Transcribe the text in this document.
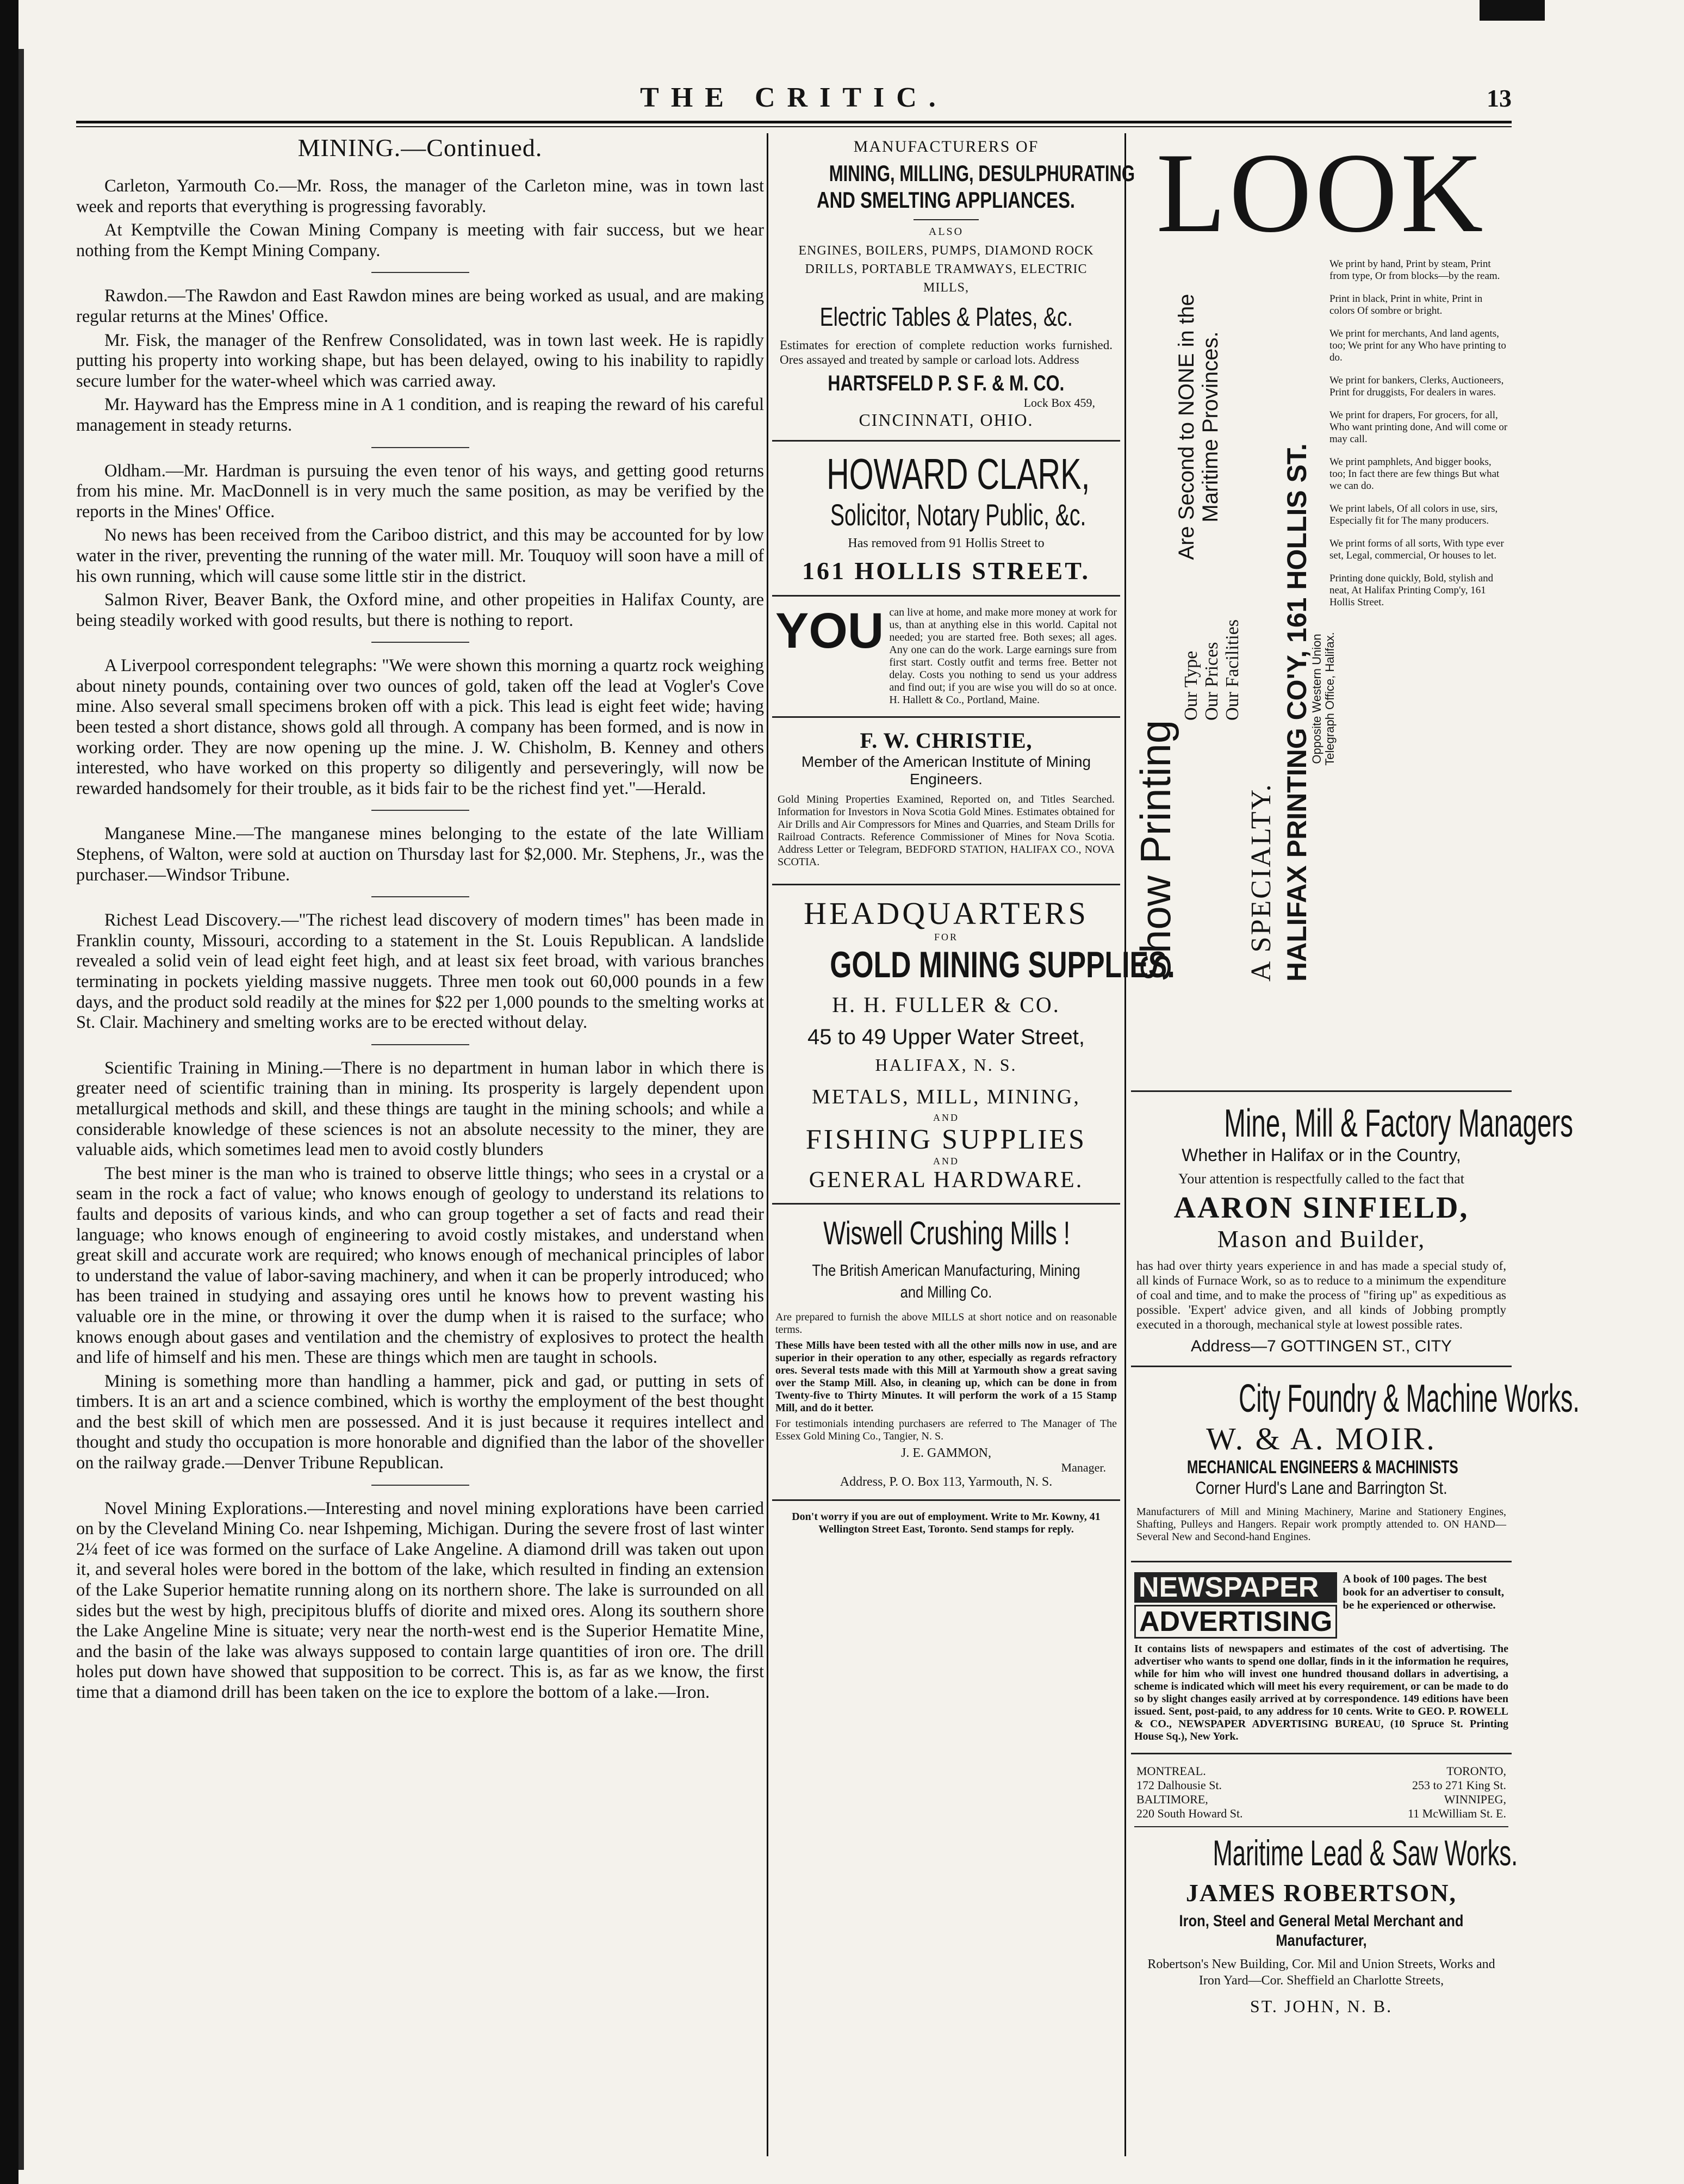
THE CRITIC.	13
MINING.—Continued.

Carleton, Yarmouth Co.—Mr. Ross, the manager of the Carleton mine, was in town last week and reports that everything is progressing favorably.

At Kemptville the Cowan Mining Company is meeting with fair success, but we hear nothing from the Kempt Mining Company.

Rawdon.—The Rawdon and East Rawdon mines are being worked as usual, and are making regular returns at the Mines' Office.

Mr. Fisk, the manager of the Renfrew Consolidated, was in town last week. He is rapidly putting his property into working shape, but has been delayed, owing to his inability to rapidly secure lumber for the water-wheel which was carried away.

Mr. Hayward has the Empress mine in A 1 condition, and is reaping the reward of his careful management in steady returns.

Oldham.—Mr. Hardman is pursuing the even tenor of his ways, and getting good returns from his mine. Mr. MacDonnell is in very much the same position, as may be verified by the reports in the Mines' Office.

No news has been received from the Cariboo district, and this may be accounted for by low water in the river, preventing the running of the water mill. Mr. Touquoy will soon have a mill of his own running, which will cause some little stir in the district.

Salmon River, Beaver Bank, the Oxford mine, and other propeities in Halifax County, are being steadily worked with good results, but there is nothing to report.

A Liverpool correspondent telegraphs: "We were shown this morning a quartz rock weighing about ninety pounds, containing over two ounces of gold, taken off the lead at Vogler's Cove mine. Also several small specimens broken off with a pick. This lead is eight feet wide; having been tested a short distance, shows gold all through. A company has been formed, and is now in working order. They are now opening up the mine. J. W. Chisholm, B. Kenney and others interested, who have worked on this property so diligently and perseveringly, will now be rewarded handsomely for their trouble, as it bids fair to be the richest find yet."—Herald.

Manganese Mine.—The manganese mines belonging to the estate of the late William Stephens, of Walton, were sold at auction on Thursday last for $2,000. Mr. Stephens, Jr., was the purchaser.—Windsor Tribune.

Richest Lead Discovery.—"The richest lead discovery of modern times" has been made in Franklin county, Missouri, according to a statement in the St. Louis Republican. A landslide revealed a solid vein of lead eight feet high, and at least six feet broad, with various branches terminating in pockets yielding massive nuggets. Three men took out 60,000 pounds in a few days, and the product sold readily at the mines for $22 per 1,000 pounds to the smelting works at St. Clair. Machinery and smelting works are to be erected without delay.

Scientific Training in Mining.—There is no department in human labor in which there is greater need of scientific training than in mining. Its prosperity is largely dependent upon metallurgical methods and skill, and these things are taught in the mining schools; and while a considerable knowledge of these sciences is not an absolute necessity to the miner, they are valuable aids, which sometimes lead men to avoid costly blunders

The best miner is the man who is trained to observe little things; who sees in a crystal or a seam in the rock a fact of value; who knows enough of geology to understand its relations to faults and deposits of various kinds, and who can group together a set of facts and read their language; who knows enough of engineering to avoid costly mistakes, and understand when great skill and accurate work are required; who knows enough of mechanical principles of labor to understand the value of labor-saving machinery, and when it can be properly introduced; who has been trained in studying and assaying ores until he knows how to prevent wasting his valuable ore in the mine, or throwing it over the dump when it is raised to the surface; who knows enough about gases and ventilation and the chemistry of explosives to protect the health and life of himself and his men. These are things which men are taught in schools.

Mining is something more than handling a hammer, pick and gad, or putting in sets of timbers. It is an art and a science combined, which is worthy the employment of the best thought and the best skill of which men are possessed. And it is just because it requires intellect and thought and study tho occupation is more honorable and dignified than the labor of the shoveller on the railway grade.—Denver Tribune Republican.

Novel Mining Explorations.—Interesting and novel mining explorations have been carried on by the Cleveland Mining Co. near Ishpeming, Michigan. During the severe frost of last winter 2¼ feet of ice was formed on the surface of Lake Angeline. A diamond drill was taken out upon it, and several holes were bored in the bottom of the lake, which resulted in finding an extension of the Lake Superior hematite running along on its northern shore. The lake is surrounded on all sides but the west by high, precipitous bluffs of diorite and mixed ores. Along its southern shore the Lake Angeline Mine is situate; very near the north-west end is the Superior Hematite Mine, and the basin of the lake was always supposed to contain large quantities of iron ore. The drill holes put down have showed that supposition to be correct. This is, as far as we know, the first time that a diamond drill has been taken on the ice to explore the bottom of a lake.—Iron.

MANUFACTURERS OF
MINING, MILLING, DESULPHURATING
AND SMELTING APPLIANCES.
ALSO
ENGINES, BOILERS, PUMPS, DIAMOND ROCK DRILLS, PORTABLE TRAMWAYS, ELECTRIC MILLS,
Electric Tables & Plates, &c.
Estimates for erection of complete reduction works furnished. Ores assayed and treated by sample or carload lots. Address
HARTSFELD P. S F. & M. CO.
Lock Box 459,
CINCINNATI, OHIO.
HOWARD CLARK,
Solicitor, Notary Public, &c.
Has removed from 91 Hollis Street to
161 HOLLIS STREET.
YOU can live at home, and make more money at work for us, than at anything else in this world. Capital not needed; you are started free. Both sexes; all ages. Any one can do the work. Large earnings sure from first start. Costly outfit and terms free. Better not delay. Costs you nothing to send us your address and find out; if you are wise you will do so at once. H. Hallett & Co., Portland, Maine.
F. W. CHRISTIE,
Member of the American Institute of Mining Engineers.
Gold Mining Properties Examined, Reported on, and Titles Searched. Information for Investors in Nova Scotia Gold Mines. Estimates obtained for Air Drills and Air Compressors for Mines and Quarries, and Steam Drills for Railroad Contracts. Reference Commissioner of Mines for Nova Scotia. Address Letter or Telegram, BEDFORD STATION, HALIFAX CO., NOVA SCOTIA.
HEADQUARTERS
FOR
GOLD MINING SUPPLIES.
H. H. FULLER & CO.
45 to 49 Upper Water Street,
HALIFAX, N. S.
METALS, MILL, MINING,
AND
FISHING SUPPLIES
AND
GENERAL HARDWARE.
Wiswell Crushing Mills !
The British American Manufacturing, Mining and Milling Co.
Are prepared to furnish the above MILLS at short notice and on reasonable terms.
These Mills have been tested with all the other mills now in use, and are superior in their operation to any other, especially as regards refractory ores. Several tests made with this Mill at Yarmouth show a great saving over the Stamp Mill. Also, in cleaning up, which can be done in from Twenty-five to Thirty Minutes. It will perform the work of a 15 Stamp Mill, and do it better.
For testimonials intending purchasers are referred to The Manager of The Essex Gold Mining Co., Tangier, N. S.
J. E. GAMMON,
Manager.
Address, P. O. Box 113, Yarmouth, N. S.
Don't worry if you are out of employment. Write to Mr. Kowny, 41 Wellington Street East, Toronto. Send stamps for reply.
LOOK
Show Printing
Our Type Our Prices Our Facilities
Are Second to NONE in the Maritime Provinces.
A SPECIALTY. HALIFAX PRINTING CO'Y, 161 HOLLIS ST.
Opposite Western Union Telegraph Office, Halifax.
We print by hand, Print by steam, Print from type, Or from blocks—by the ream.
Print in black, Print in white, Print in colors Of sombre or bright.
We print for merchants, And land agents, too; We print for any Who have printing to do.
We print for bankers, Clerks, Auctioneers, Print for druggists, For dealers in wares.
We print for drapers, For grocers, for all, Who want printing done, And will come or may call.
We print pamphlets, And bigger books, too; In fact there are few things But what we can do.
We print labels, Of all colors in use, sirs, Especially fit for The many producers.
We print forms of all sorts, With type ever set, Legal, commercial, Or houses to let.
Printing done quickly, Bold, stylish and neat, At Halifax Printing Comp'y, 161 Hollis Street.
Mine, Mill & Factory Managers
Whether in Halifax or in the Country,
Your attention is respectfully called to the fact that
AARON SINFIELD,
Mason and Builder,
has had over thirty years experience in and has made a special study of, all kinds of Furnace Work, so as to reduce to a minimum the expenditure of coal and time, and to make the process of "firing up" as expeditious as possible. 'Expert' advice given, and all kinds of Jobbing promptly executed in a thorough, mechanical style at lowest possible rates.
Address—7 GOTTINGEN ST., CITY
City Foundry & Machine Works.
W. & A. MOIR.
MECHANICAL ENGINEERS & MACHINISTS
Corner Hurd's Lane and Barrington St.
Manufacturers of Mill and Mining Machinery, Marine and Stationery Engines, Shafting, Pulleys and Hangers. Repair work promptly attended to. ON HAND—Several New and Second-hand Engines.
NEWSPAPER
ADVERTISING
A book of 100 pages. The best book for an advertiser to consult, be he experienced or otherwise.
It contains lists of newspapers and estimates of the cost of advertising. The advertiser who wants to spend one dollar, finds in it the information he requires, while for him who will invest one hundred thousand dollars in advertising, a scheme is indicated which will meet his every requirement, or can be made to do so by slight changes easily arrived at by correspondence. 149 editions have been issued. Sent, post-paid, to any address for 10 cents. Write to GEO. P. ROWELL & CO., NEWSPAPER ADVERTISING BUREAU, (10 Spruce St. Printing House Sq.), New York.
MONTREAL.
172 Dalhousie St.
BALTIMORE,
220 South Howard St.
TORONTO,
253 to 271 King St.
WINNIPEG,
11 McWilliam St. E.
Maritime Lead & Saw Works.
JAMES ROBERTSON,
Iron, Steel and General Metal Merchant and Manufacturer,
Robertson's New Building, Cor. Mil and Union Streets, Works and Iron Yard—Cor. Sheffield an Charlotte Streets,
ST. JOHN, N. B.
